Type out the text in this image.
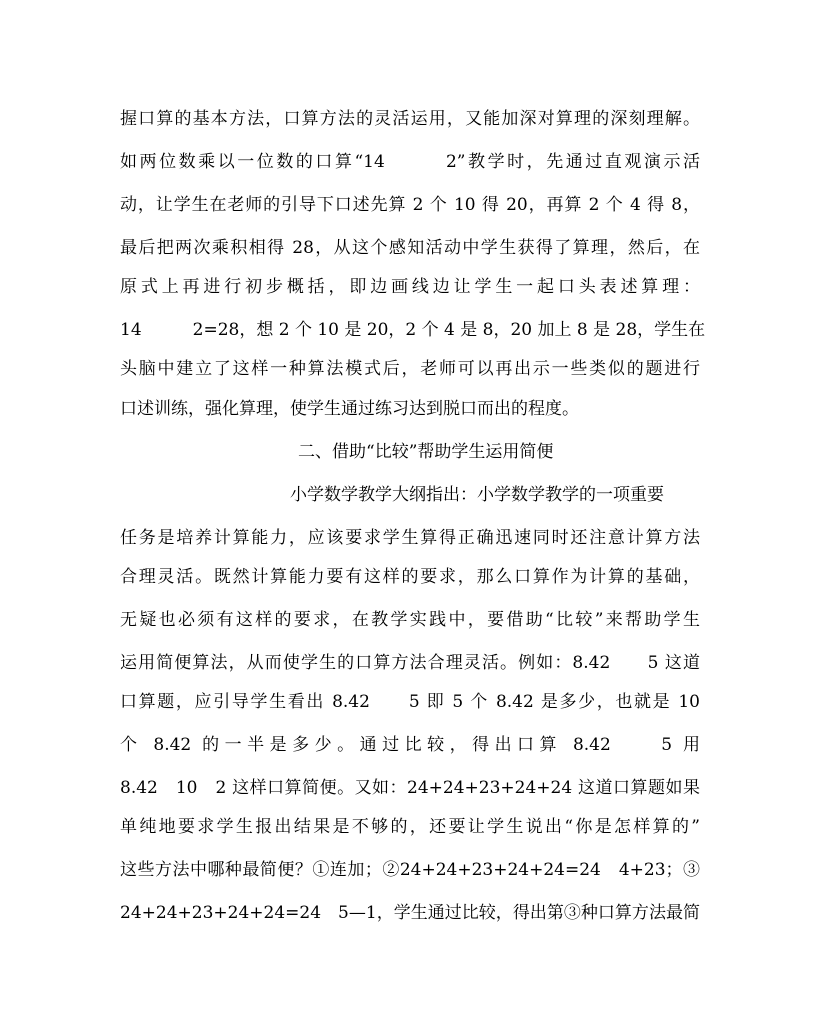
握口算的基本方法，口算方法的灵活运用，又能加深对算理的深刻理解。
如两位数乘以一位数的口算“14　　　2”教学时，先通过直观演示活
动，让学生在老师的引导下口述先算 2 个 10 得 20，再算 2 个 4 得 8，
最后把两次乘积相得 28，从这个感知活动中学生获得了算理，然后，在
原式上再进行初步概括，即边画线边让学生一起口头表述算理：
14　　　2=28，想 2 个 10 是 20，2 个 4 是 8，20 加上 8 是 28，学生在
头脑中建立了这样一种算法模式后，老师可以再出示一些类似的题进行
口述训练，强化算理，使学生通过练习达到脱口而出的程度。
二、借助“比较”帮助学生运用简便
小学数学教学大纲指出：小学数学教学的一项重要
任务是培养计算能力，应该要求学生算得正确迅速同时还注意计算方法
合理灵活。既然计算能力要有这样的要求，那么口算作为计算的基础，
无疑也必须有这样的要求，在教学实践中，要借助“比较”来帮助学生
运用简便算法，从而使学生的口算方法合理灵活。例如：8.42　　5 这道
口算题，应引导学生看出 8.42　　5 即 5 个 8.42 是多少，也就是 10
个 8.42 的一半是多少。通过比较，得出口算 8.42　　5 用
8.42　10　2 这样口算简便。又如：24+24+23+24+24 这道口算题如果
单纯地要求学生报出结果是不够的，还要让学生说出“你是怎样算的”
这些方法中哪种最简便？①连加；②24+24+23+24+24=24　4+23；③
24+24+23+24+24=24　5—1，学生通过比较，得出第③种口算方法最简
